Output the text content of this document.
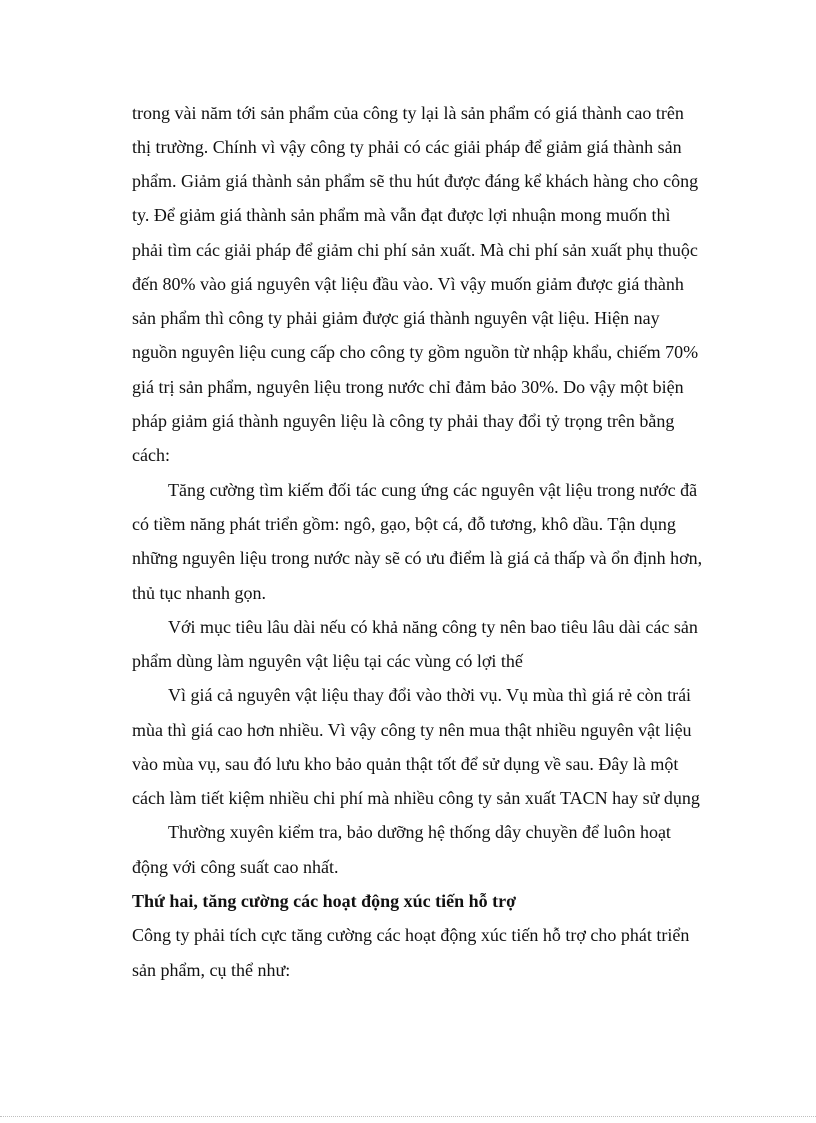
trong vài năm tới sản phẩm của công ty lại là sản phẩm có giá thành cao trên

thị trường. Chính vì vậy công ty phải có các giải pháp để giảm giá thành sản

phẩm. Giảm giá thành sản phẩm sẽ thu hút được đáng kể khách hàng cho công

ty. Để giảm giá thành sản phẩm mà vẫn đạt được lợi nhuận mong muốn thì

phải tìm các giải pháp để giảm chi phí sản xuất. Mà chi phí sản xuất phụ thuộc

đến 80% vào giá nguyên vật liệu đầu vào. Vì vậy muốn giảm được giá thành

sản phẩm thì công ty phải giảm được giá thành nguyên vật liệu. Hiện nay

nguồn nguyên liệu cung cấp cho công ty gồm nguồn từ nhập khẩu, chiếm 70%

giá trị sản phẩm, nguyên liệu trong nước chỉ đảm bảo 30%. Do vậy một biện

pháp giảm giá thành nguyên liệu là công ty phải thay đổi tỷ trọng trên bằng

cách:

Tăng cường tìm kiếm đối tác cung ứng các nguyên vật liệu trong nước đã

có tiềm năng phát triển gồm: ngô, gạo, bột cá, đỗ tương, khô dầu. Tận dụng

những nguyên liệu trong nước này sẽ có ưu điểm là giá cả thấp và ổn định hơn,

thủ tục nhanh gọn.

Với mục tiêu lâu dài nếu có khả năng công ty nên bao tiêu lâu dài các sản

phẩm dùng làm nguyên vật liệu tại các vùng có lợi thế

Vì giá cả nguyên vật liệu thay đổi vào thời vụ. Vụ mùa thì giá rẻ còn trái

mùa thì giá cao hơn nhiều. Vì vậy công ty nên mua thật nhiều nguyên vật liệu

vào mùa vụ, sau đó lưu kho bảo quản thật tốt để sử dụng về sau. Đây là một

cách làm tiết kiệm nhiều chi phí mà nhiều công ty sản xuất TACN hay sử dụng

Thường xuyên kiểm tra, bảo dưỡng hệ thống dây chuyền để luôn hoạt

động với công suất cao nhất.

Thứ hai, tăng cường các hoạt động xúc tiến hỗ trợ

Công ty phải tích cực tăng cường các hoạt động xúc tiến hỗ trợ cho phát triển

sản phẩm, cụ thể như:
